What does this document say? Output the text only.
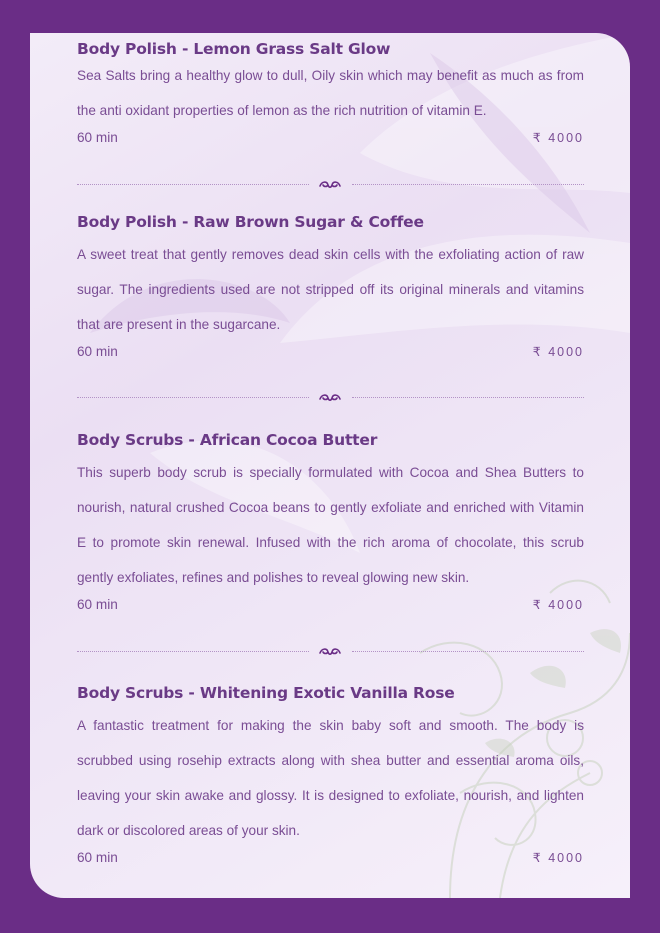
Body Polish - Lemon Grass Salt Glow

Sea Salts bring a healthy glow to dull, Oily skin which may benefit as much as from the anti oxidant properties of lemon as the rich nutrition of vitamin E.

60 min	₹ 4000
Body Polish - Raw Brown Sugar & Coffee

A sweet treat that gently removes dead skin cells with the exfoliating action of raw sugar. The ingredients used are not stripped off its original minerals and vitamins that are present in the sugarcane.

60 min	₹ 4000
Body Scrubs - African Cocoa Butter

This superb body scrub is specially formulated with Cocoa and Shea Butters to nourish, natural crushed Cocoa beans to gently exfoliate and enriched with Vitamin E to promote skin renewal. Infused with the rich aroma of chocolate, this scrub gently exfoliates, refines and polishes to reveal glowing new skin.

60 min	₹ 4000
Body Scrubs - Whitening Exotic Vanilla Rose

A fantastic treatment for making the skin baby soft and smooth. The body is scrubbed using rosehip extracts along with shea butter and essential aroma oils, leaving your skin awake and glossy. It is designed to exfoliate, nourish, and lighten dark or discolored areas of your skin.

60 min	₹ 4000
